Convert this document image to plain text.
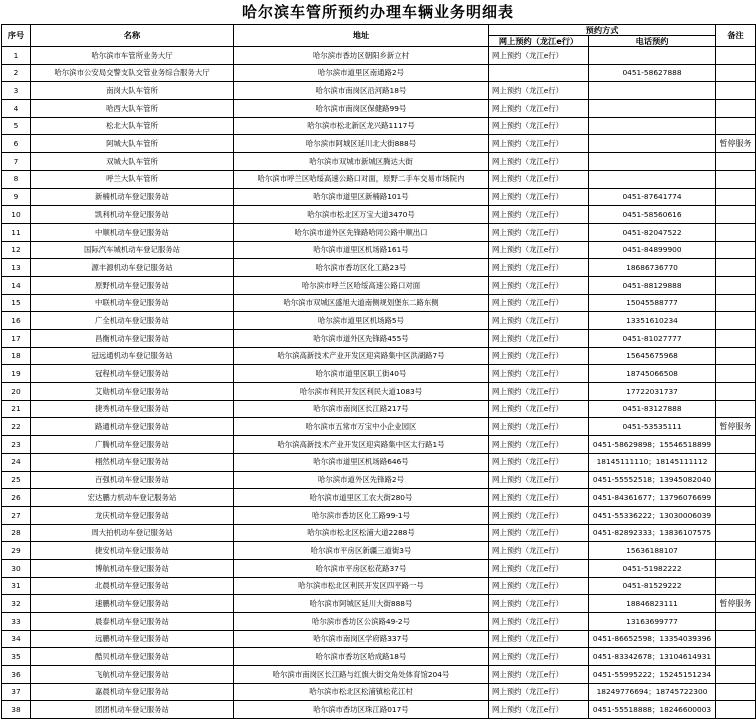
哈尔滨车管所预约办理车辆业务明细表
序号	名称	地址	预约方式		备注
			网上预约（龙江e行）	电话预约	
1	哈尔滨市车管所业务大厅	哈尔滨市香坊区朝阳乡新立村	网上预约（龙江e行）		
2	哈尔滨市公安局交警支队交管业务综合服务大厅	哈尔滨市道里区南通路2号		0451-58627888	
3	南岗大队车管所	哈尔滨市南岗区沿河路18号	网上预约（龙江e行）		
4	哈西大队车管所	哈尔滨市南岗区保健路99号	网上预约（龙江e行）		
5	松北大队车管所	哈尔滨市松北新区龙兴路1117号	网上预约（龙江e行）		
6	阿城大队车管所	哈尔滨市阿城区延川北大街888号	网上预约（龙江e行）		暂停服务
7	双城大队车管所	哈尔滨市双城市新城区腾达大街	网上预约（龙江e行）		
8	呼兰大队车管所	哈尔滨市呼兰区哈绥高速公路口对面，原野二手车交易市场院内	网上预约（龙江e行）		
9	新楠机动车登记服务站	哈尔滨市道里区新楠路101号	网上预约（龙江e行）	0451-87641774	
10	凯利机动车登记服务站	哈尔滨市松北区万宝大道3470号	网上预约（龙江e行）	0451-58560616	
11	中顺机动车登记服务站	哈尔滨市道外区先锋路哈同公路中顺出口	网上预约（龙江e行）	0451-82047522	
12	国际汽车城机动车登记服务站	哈尔滨市道里区机场路161号	网上预约（龙江e行）	0451-84899900	
13	源丰源机动车登记服务站	哈尔滨市香坊区化工路23号	网上预约（龙江e行）	18686736770	
14	原野机动车登记服务站	哈尔滨市呼兰区哈绥高速公路口对面	网上预约（龙江e行）	0451-88129888	
15	中联机动车登记服务站	哈尔滨市双城区盛旭大道南侧规划堡东二路东侧	网上预约（龙江e行）	15045588777	
16	广全机动车登记服务站	哈尔滨市道里区机场路5号	网上预约（龙江e行）	13351610234	
17	昌衡机动车登记服务站	哈尔滨市道外区先锋路455号	网上预约（龙江e行）	0451-81027777	
18	冠远通机动车登记服务站	哈尔滨高新技术产业开发区迎宾路集中区洪湖路7号	网上预约（龙江e行）	15645675968	
19	冠程机动车登记服务站	哈尔滨市道里区职工街40号	网上预约（龙江e行）	18745066508	
20	艾勋机动车登记服务站	哈尔滨市利民开发区利民大道1083号	网上预约（龙江e行）	17722031737	
21	捷秀机动车登记服务站	哈尔滨市南岗区长江路217号	网上预约（龙江e行）	0451-83127888	
22	路通机动车登记服务站	哈尔滨市五常市万宝中小企业园区	网上预约（龙江e行）	0451-53535111	暂停服务
23	广腾机动车登记服务站	哈尔滨高新技术产业开发区迎宾路集中区太行路1号	网上预约（龙江e行）	0451-58629898；15546518899	
24	栩然机动车登记服务站	哈尔滨市道里区机场路646号	网上预约（龙江e行）	18145111110；18145111112	
25	百强机动车登记服务站	哈尔滨市道外区先锋路2号	网上预约（龙江e行）	0451-55552518；13945082040	
26	宏达鹏力机动车登记服务站	哈尔滨市道里区工农大街280号	网上预约（龙江e行）	0451-84361677；13796076699	
27	龙庆机动车登记服务站	哈尔滨市香坊区化工路99-1号	网上预约（龙江e行）	0451-55336222；13030006039	
28	周大拍机动车登记服务站	哈尔滨市松北区松浦大道2288号	网上预约（龙江e行）	0451-82892333；13836107575	
29	捷安机动车登记服务站	哈尔滨市平房区新疆三道街3号	网上预约（龙江e行）	15636188107	
30	博航机动车登记服务站	哈尔滨市平房区松花路37号	网上预约（龙江e行）	0451-51982222	
31	北晨机动车登记服务站	哈尔滨市松北区利民开发区四平路一号	网上预约（龙江e行）	0451-81529222	
32	速鹏机动车登记服务站	哈尔滨市阿城区延川大街888号	网上预约（龙江e行）	18846823111	暂停服务
33	晨泰机动车登记服务站	哈尔滨市香坊区公滨路49-2号	网上预约（龙江e行）	13163699777	
34	远鹏机动车登记服务站	哈尔滨市南岗区学府路337号	网上预约（龙江e行）	0451-86652598；13354039396	
35	酷贝机动车登记服务站	哈尔滨市香坊区哈成路18号	网上预约（龙江e行）	0451-83342678；13104614931	
36	飞航机动车登记服务站	哈尔滨市南岗区长江路与红旗大街交角处体育馆204号	网上预约（龙江e行）	0451-55995222；15245151234	
37	嘉晨机动车登记服务站	哈尔滨市松北区松浦镇松花江村	网上预约（龙江e行）	18249776694；18745722300	
38	团团机动车登记服务站	哈尔滨市香坊区珠江路017号	网上预约（龙江e行）	0451-55518888；18246600003	
